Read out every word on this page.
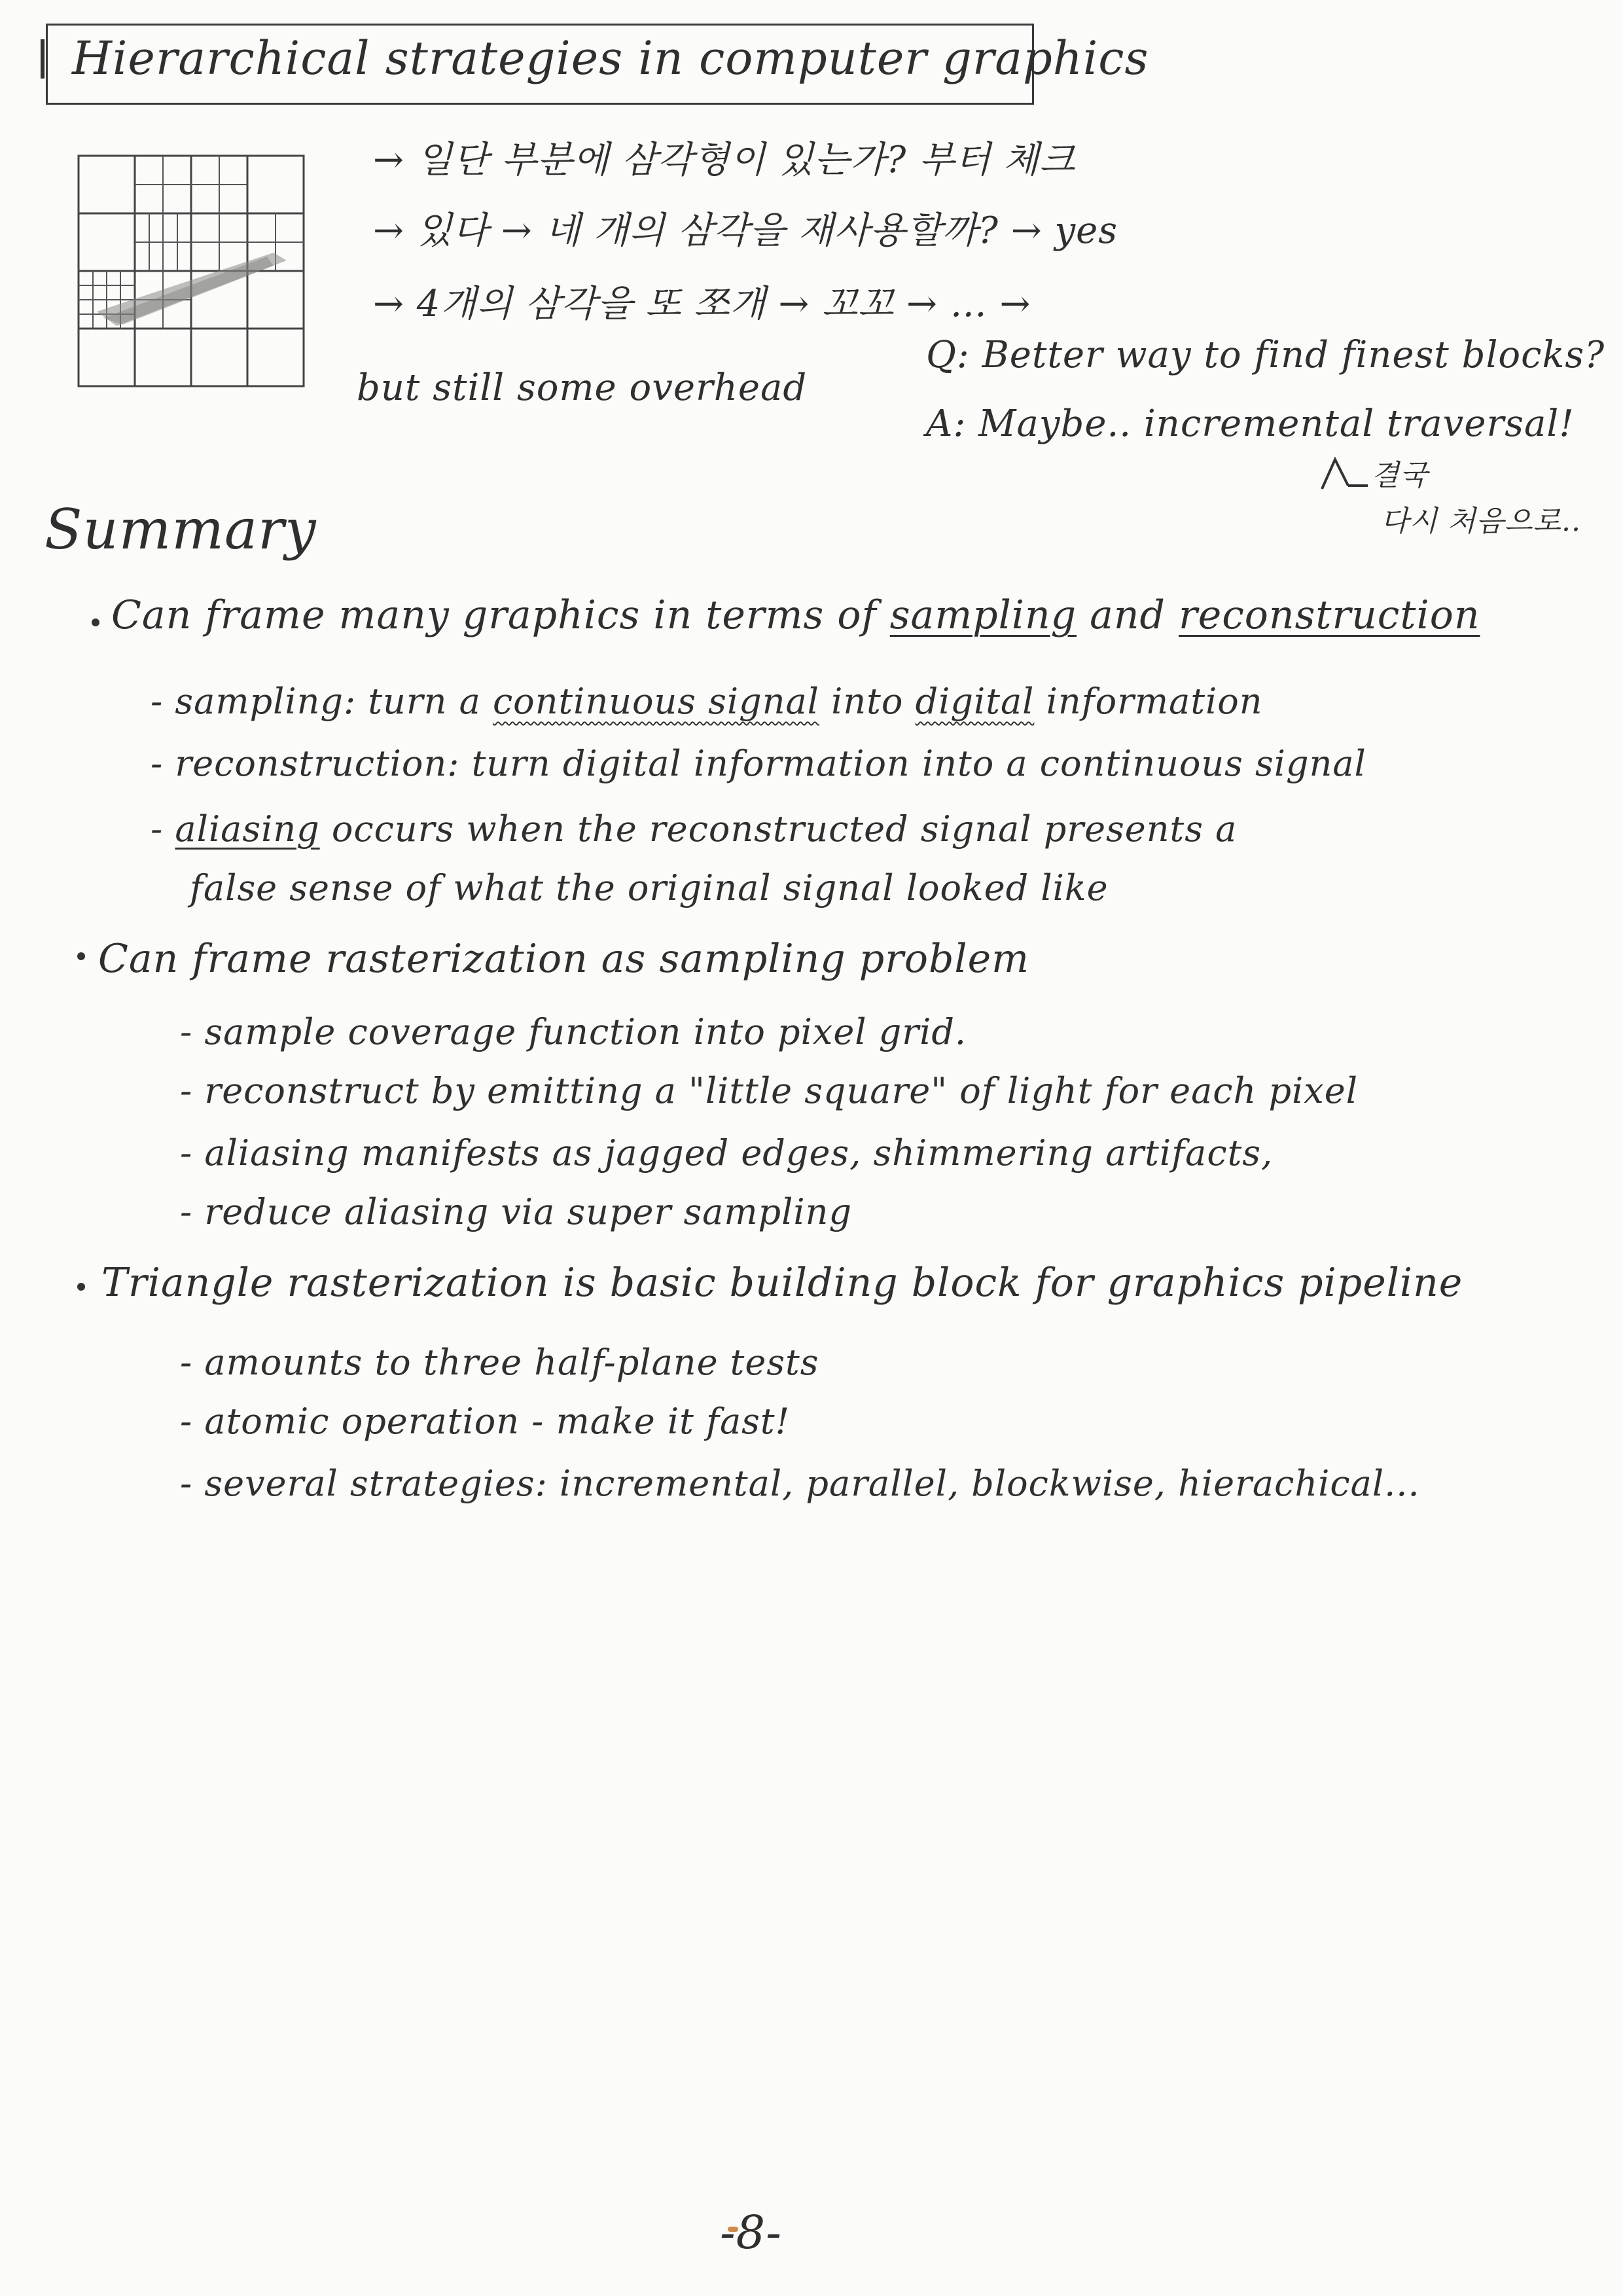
Hierarchical strategies in computer graphics
→ 일단 부분에 삼각형이 있는가? 부터 체크
→ 있다 → 네 개의 삼각을 재사용할까? → yes
→ 4개의 삼각을 또 쪼개 → 꼬꼬 → … →
but still some overhead
Q: Better way to find finest blocks?
A: Maybe.. incremental traversal!
결국
다시 처음으로..
Summary
Can frame many graphics in terms of sampling and reconstruction
- sampling: turn a continuous signal into digital information
- reconstruction: turn digital information into a continuous signal
- aliasing occurs when the reconstructed signal presents a
false sense of what the original signal looked like
Can frame rasterization as sampling problem
- sample coverage function into pixel grid.
- reconstruct by emitting a "little square" of light for each pixel
- aliasing manifests as jagged edges, shimmering artifacts,
- reduce aliasing via super sampling
Triangle rasterization is basic building block for graphics pipeline
- amounts to three half-plane tests
- atomic operation - make it fast!
- several strategies: incremental, parallel, blockwise, hierachical...
-8-
